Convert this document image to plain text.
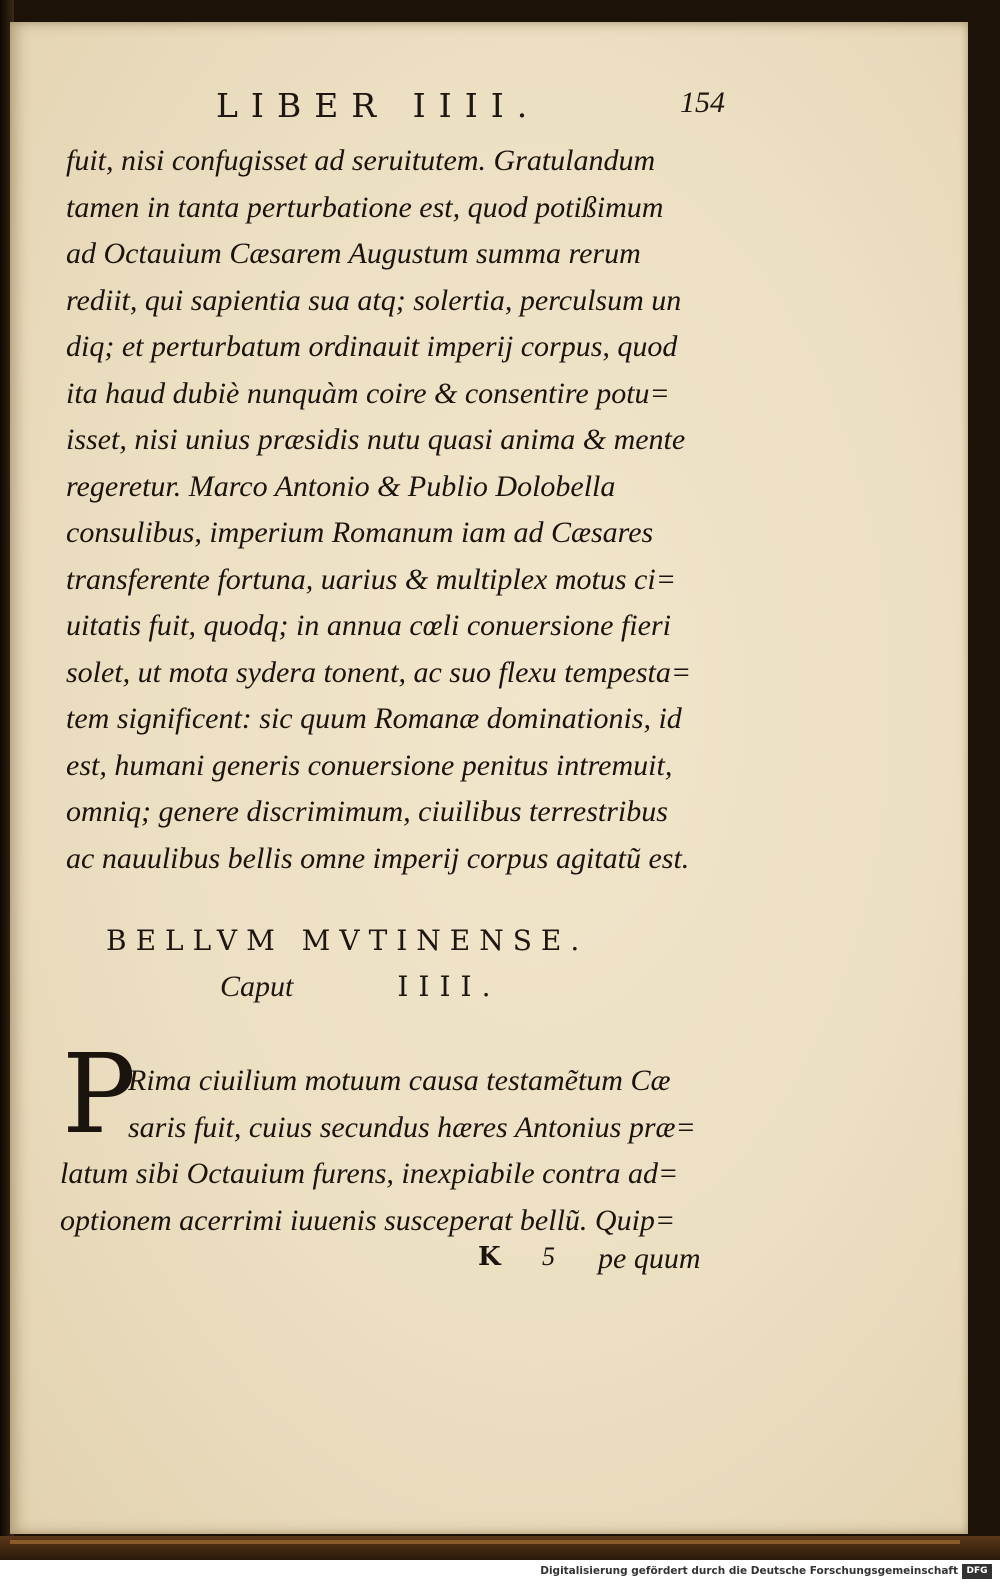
LIBER IIII.	154
fuit, nisi confugisset ad seruitutem. Gratulandum
tamen in tanta perturbatione est, quod potißimum
ad Octauium Cæsarem Augustum summa rerum
rediit, qui sapientia sua atq; solertia, perculsum un
diq; et perturbatum ordinauit imperij corpus, quod
ita haud dubiè nunquàm coire & consentire potu=
isset, nisi unius præsidis nutu quasi anima & mente
regeretur. Marco Antonio & Publio Dolobella
consulibus, imperium Romanum iam ad Cæsares
transferente fortuna, uarius & multiplex motus ci=
uitatis fuit, quodq; in annua cœli conuersione fieri
solet, ut mota sydera tonent, ac suo flexu tempesta=
tem significent: sic quum Romanæ dominationis, id
est, humani generis conuersione penitus intremuit,
omniq; genere discrimimum, ciuilibus terrestribus
ac nauulibus bellis omne imperij corpus agitatũ est.
BELLVM MVTINENSE.
Caput	IIII.
P
Rima ciuilium motuum causa testamẽtum Cæ
saris fuit, cuius secundus hæres Antonius præ=
latum sibi Octauium furens, inexpiabile contra ad=
optionem acerrimi iuuenis susceperat bellũ. Quip=
K 5 pe quum
Digitalisierung gefördert durch die Deutsche Forschungsgemeinschaft DFG
